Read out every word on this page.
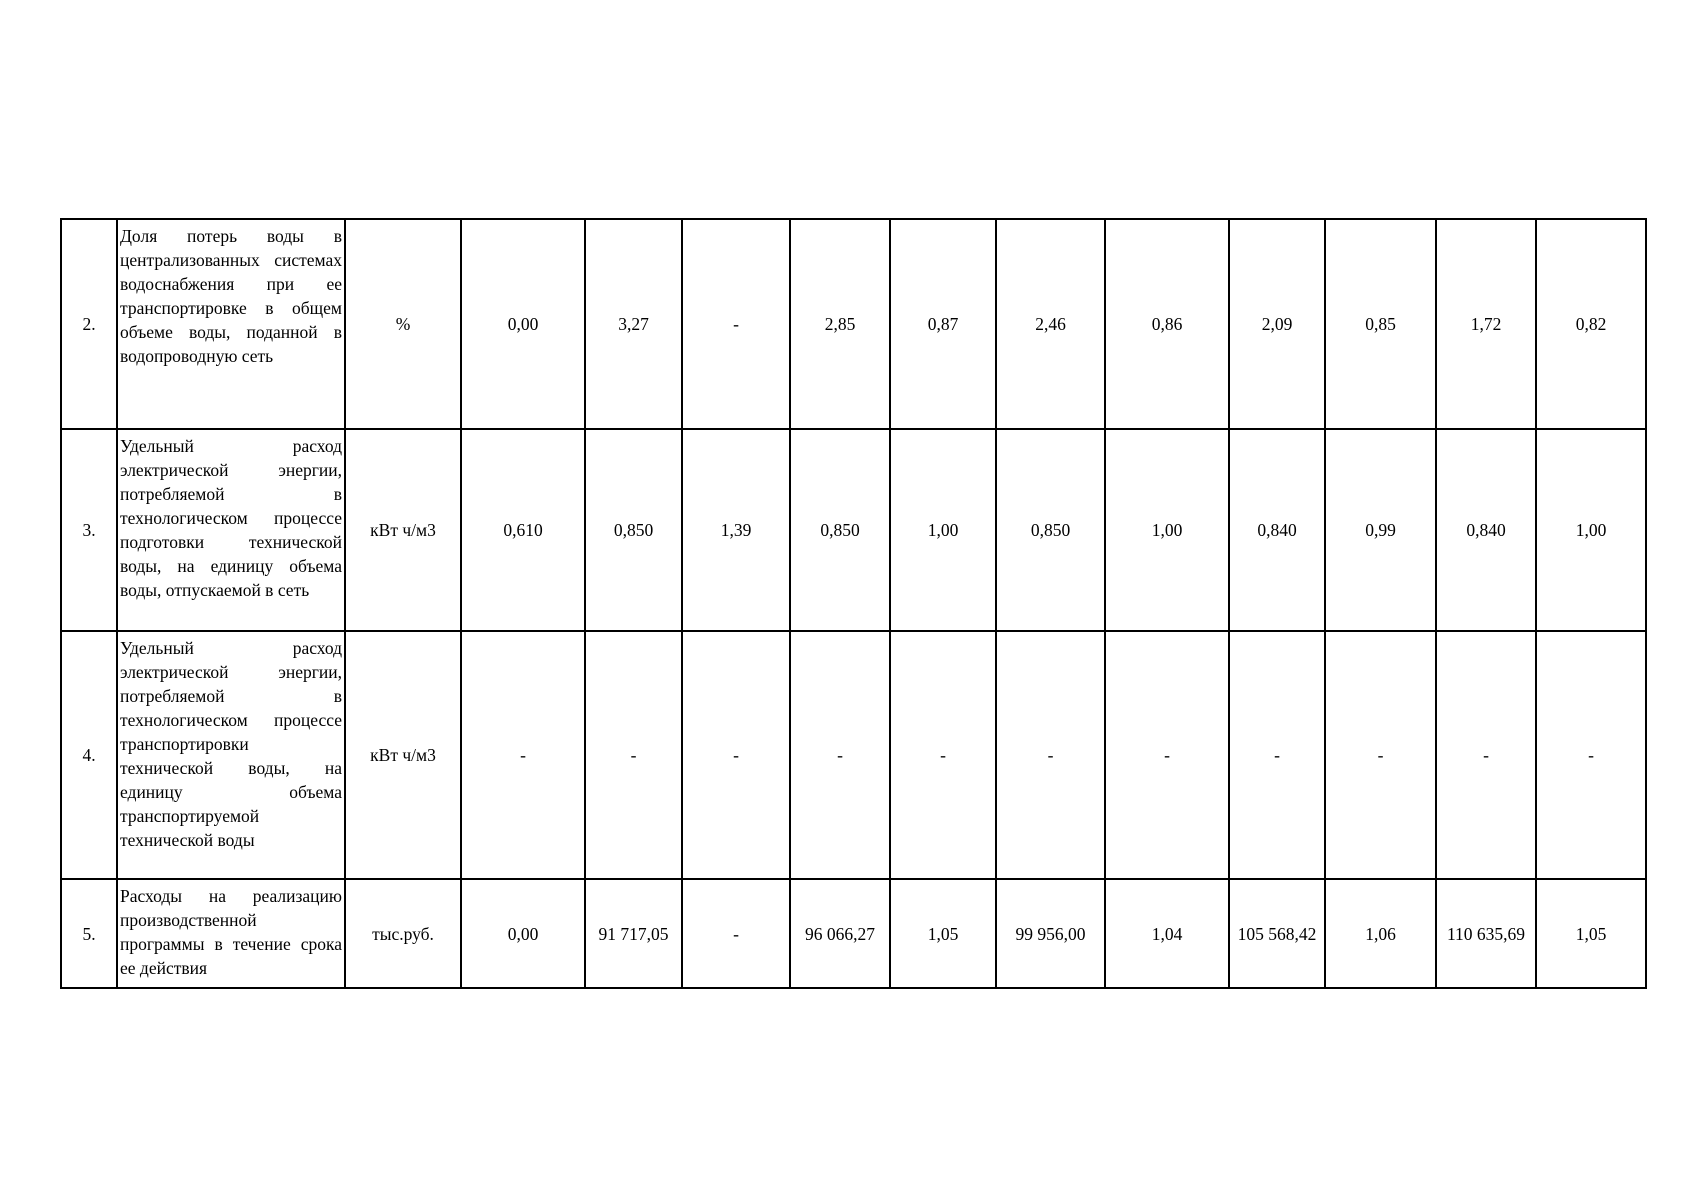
2.	Доля потерь воды в централизованных системах водоснабжения при ее транспортировке в общем объеме воды, поданной в водопроводную сеть	%	0,00	3,27	-	2,85	0,87	2,46	0,86	2,09	0,85	1,72	0,82
3.	Удельный расход электрической энергии, потребляемой в технологическом процессе подготовки технической воды, на единицу объема воды, отпускаемой в сеть	кВт ч/м3	0,610	0,850	1,39	0,850	1,00	0,850	1,00	0,840	0,99	0,840	1,00
4.	Удельный расход электрической энергии, потребляемой в технологическом процессе транспортировки технической воды, на единицу объема транспортируемой технической воды	кВт ч/м3	-	-	-	-	-	-	-	-	-	-	-
5.	Расходы на реализацию производственной программы в течение срока ее действия	тыс.руб.	0,00	91 717,05	-	96 066,27	1,05	99 956,00	1,04	105 568,42	1,06	110 635,69	1,05
